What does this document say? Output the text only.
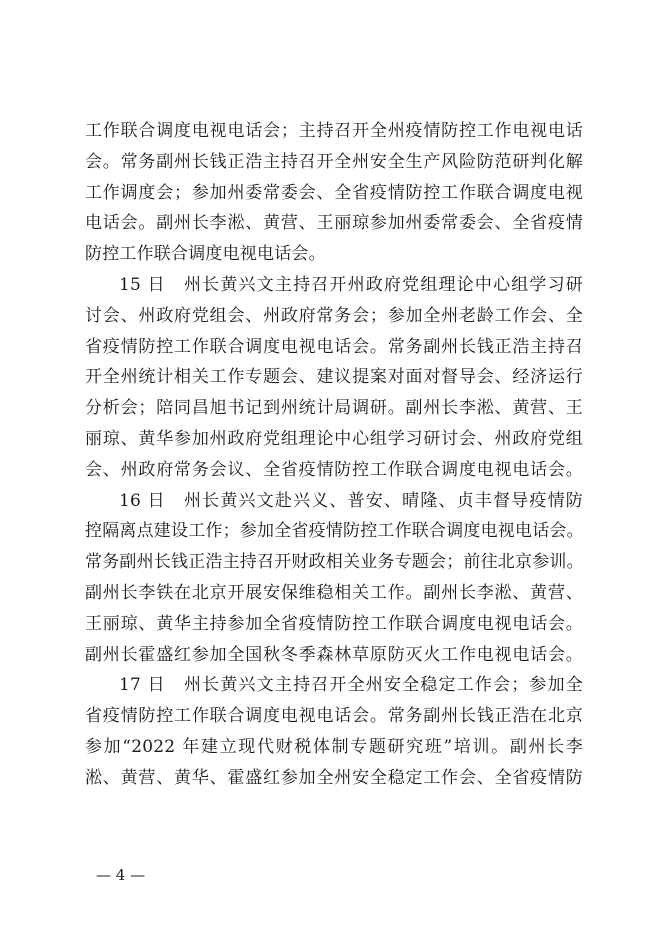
工作联合调度电视电话会；主持召开全州疫情防控工作电视电话
会。常务副州长钱正浩主持召开全州安全生产风险防范研判化解
工作调度会；参加州委常委会、全省疫情防控工作联合调度电视
电话会。副州长李淞、黄营、王丽琼参加州委常委会、全省疫情
防控工作联合调度电视电话会。
15 日　州长黄兴文主持召开州政府党组理论中心组学习研
讨会、州政府党组会、州政府常务会；参加全州老龄工作会、全
省疫情防控工作联合调度电视电话会。常务副州长钱正浩主持召
开全州统计相关工作专题会、建议提案对面对督导会、经济运行
分析会；陪同昌旭书记到州统计局调研。副州长李淞、黄营、王
丽琼、黄华参加州政府党组理论中心组学习研讨会、州政府党组
会、州政府常务会议、全省疫情防控工作联合调度电视电话会。
16 日　州长黄兴文赴兴义、普安、晴隆、贞丰督导疫情防
控隔离点建设工作；参加全省疫情防控工作联合调度电视电话会。
常务副州长钱正浩主持召开财政相关业务专题会；前往北京参训。
副州长李铁在北京开展安保维稳相关工作。副州长李淞、黄营、
王丽琼、黄华主持参加全省疫情防控工作联合调度电视电话会。
副州长霍盛红参加全国秋冬季森林草原防灭火工作电视电话会。
17 日　州长黄兴文主持召开全州安全稳定工作会；参加全
省疫情防控工作联合调度电视电话会。常务副州长钱正浩在北京
参加“2022 年建立现代财税体制专题研究班”培训。副州长李
淞、黄营、黄华、霍盛红参加全州安全稳定工作会、全省疫情防
— 4 —
